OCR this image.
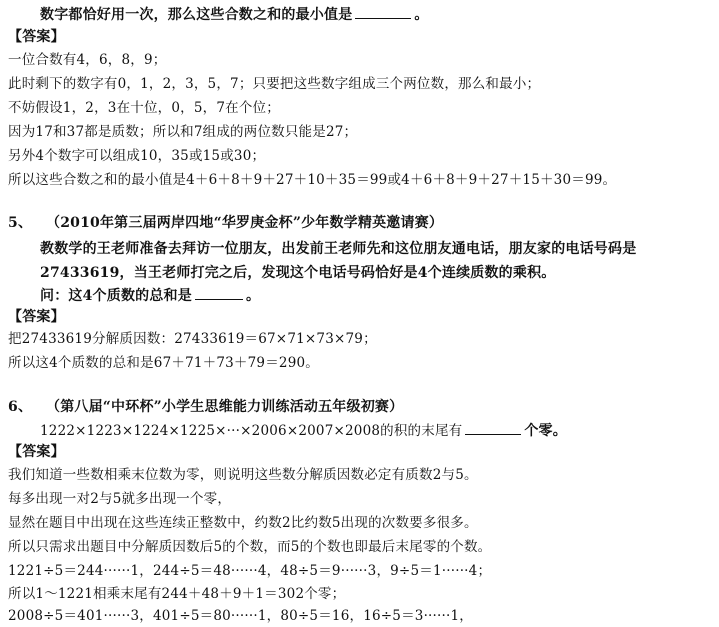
数字都恰好用一次，那么这些合数之和的最小值是	。
【答案】
一位合数有4，6，8，9；
此时剩下的数字有0，1，2，3，5，7；只要把这些数字组成三个两位数，那么和最小；
不妨假设1，2，3在十位，0，5，7在个位；
因为17和37都是质数；所以和7组成的两位数只能是27；
另外4个数字可以组成10，35或15或30；
所以这些合数之和的最小值是4＋6＋8＋9＋27＋10＋35＝99或4＋6＋8＋9＋27＋15＋30＝99。
5、 （2010年第三届两岸四地“华罗庚金杯”少年数学精英邀请赛）
教数学的王老师准备去拜访一位朋友，出发前王老师先和这位朋友通电话，朋友家的电话号码是
27433619，当王老师打完之后，发现这个电话号码恰好是4个连续质数的乘积。
问：这4个质数的总和是	。
【答案】
把27433619分解质因数：27433619＝67×71×73×79；
所以这4个质数的总和是67＋71＋73＋79＝290。
6、 （第八届“中环杯”小学生思维能力训练活动五年级初赛）
1222×1223×1224×1225×···×2006×2007×2008的积的末尾有	个零。
【答案】
我们知道一些数相乘末位数为零，则说明这些数分解质因数必定有质数2与5。
每多出现一对2与5就多出现一个零，
显然在题目中出现在这些连续正整数中，约数2比约数5出现的次数要多很多。
所以只需求出题目中分解质因数后5的个数，而5的个数也即最后末尾零的个数。
1221÷5＝244······1，244÷5＝48······4，48÷5＝9······3，9÷5＝1······4；
所以1～1221相乘末尾有244＋48＋9＋1＝302个零；
2008÷5＝401······3，401÷5＝80······1，80÷5＝16，16÷5＝3······1，
